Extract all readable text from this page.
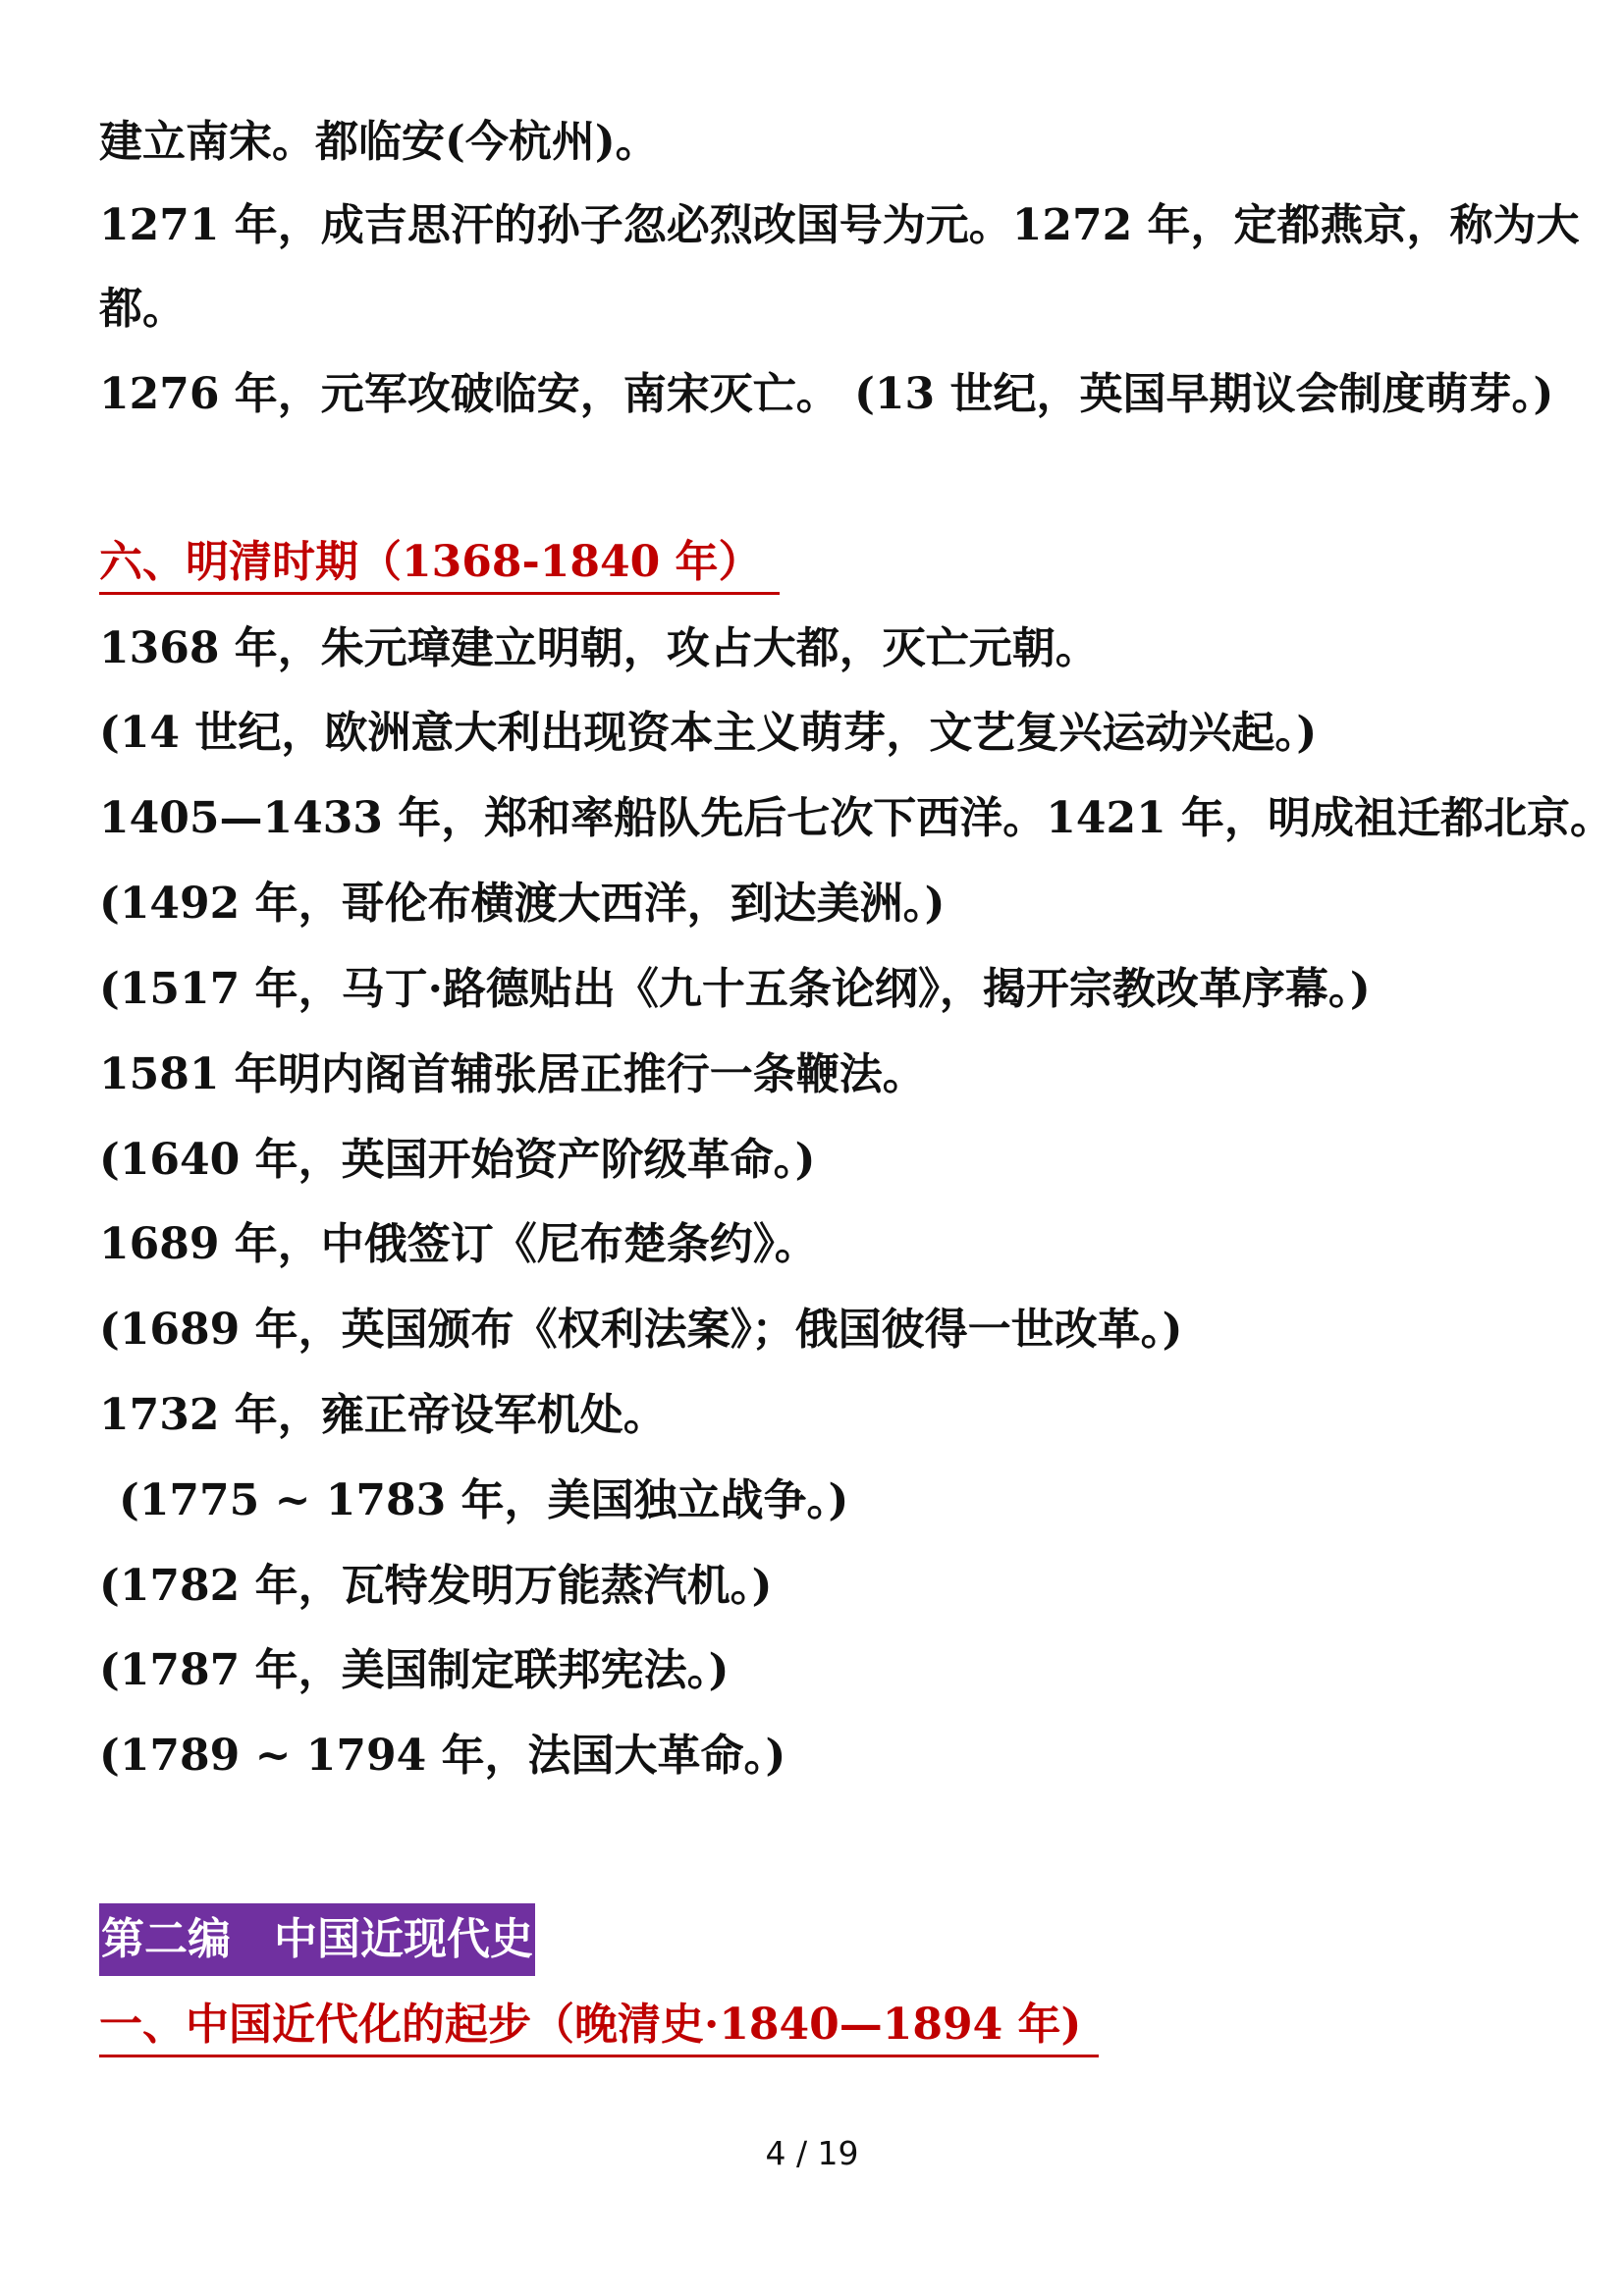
建立南宋。都临安(今杭州)。
1271 年，成吉思汗的孙子忽必烈改国号为元。1272 年，定都燕京，称为大
都。
1276 年，元军攻破临安，南宋灭亡。 (13 世纪，英国早期议会制度萌芽。)
六、明清时期（1368-1840 年）
1368 年，朱元璋建立明朝，攻占大都，灭亡元朝。
(14 世纪，欧洲意大利出现资本主义萌芽，文艺复兴运动兴起。)
1405—1433 年，郑和率船队先后七次下西洋。1421 年，明成祖迁都北京。
(1492 年，哥伦布横渡大西洋，到达美洲。)
(1517 年，马丁·路德贴出《九十五条论纲》，揭开宗教改革序幕。)
1581 年明内阁首辅张居正推行一条鞭法。
(1640 年，英国开始资产阶级革命。)
1689 年，中俄签订《尼布楚条约》。
(1689 年，英国颁布《权利法案》；俄国彼得一世改革。)
1732 年，雍正帝设军机处。
(1775 ~ 1783 年，美国独立战争。)
(1782 年，瓦特发明万能蒸汽机。)
(1787 年，美国制定联邦宪法。)
(1789 ~ 1794 年，法国大革命。)
第二编　中国近现代史
一、中国近代化的起步（晚清史·1840—1894 年)
4 / 19
